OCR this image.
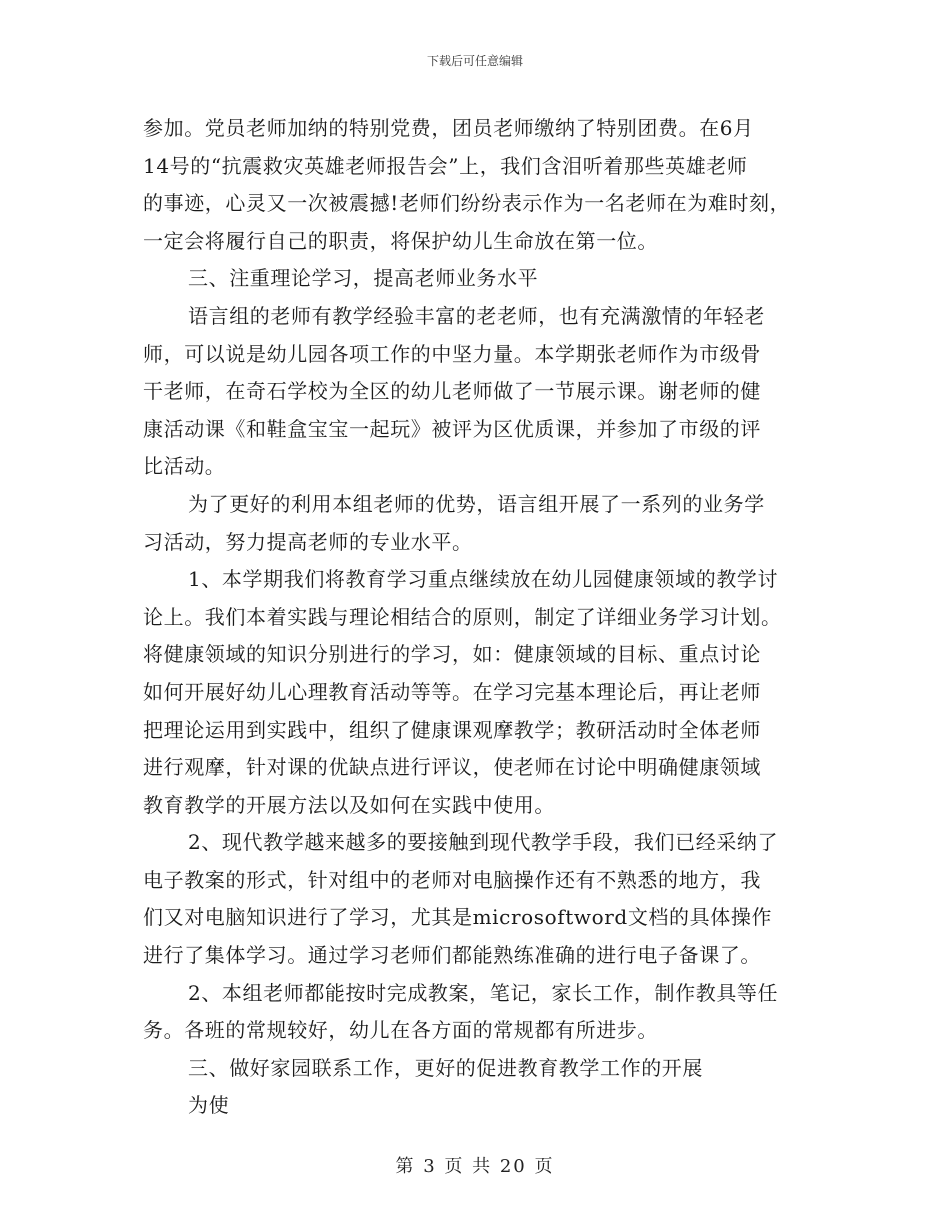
下载后可任意编辑
参加。党员老师加纳的特别党费，团员老师缴纳了特别团费。在6月
14号的“抗震救灾英雄老师报告会”上，我们含泪听着那些英雄老师
的事迹，心灵又一次被震撼!老师们纷纷表示作为一名老师在为难时刻，
一定会将履行自己的职责，将保护幼儿生命放在第一位。
三、注重理论学习，提高老师业务水平
语言组的老师有教学经验丰富的老老师，也有充满激情的年轻老
师，可以说是幼儿园各项工作的中坚力量。本学期张老师作为市级骨
干老师，在奇石学校为全区的幼儿老师做了一节展示课。谢老师的健
康活动课《和鞋盒宝宝一起玩》被评为区优质课，并参加了市级的评
比活动。
为了更好的利用本组老师的优势，语言组开展了一系列的业务学
习活动，努力提高老师的专业水平。
1、本学期我们将教育学习重点继续放在幼儿园健康领域的教学讨
论上。我们本着实践与理论相结合的原则，制定了详细业务学习计划。
将健康领域的知识分别进行的学习，如：健康领域的目标、重点讨论
如何开展好幼儿心理教育活动等等。在学习完基本理论后，再让老师
把理论运用到实践中，组织了健康课观摩教学；教研活动时全体老师
进行观摩，针对课的优缺点进行评议，使老师在讨论中明确健康领域
教育教学的开展方法以及如何在实践中使用。
2、现代教学越来越多的要接触到现代教学手段，我们已经采纳了
电子教案的形式，针对组中的老师对电脑操作还有不熟悉的地方，我
们又对电脑知识进行了学习，尤其是microsoftword文档的具体操作
进行了集体学习。通过学习老师们都能熟练准确的进行电子备课了。
2、本组老师都能按时完成教案，笔记，家长工作，制作教具等任
务。各班的常规较好，幼儿在各方面的常规都有所进步。
三、做好家园联系工作，更好的促进教育教学工作的开展
为使
第 3 页 共 20 页
